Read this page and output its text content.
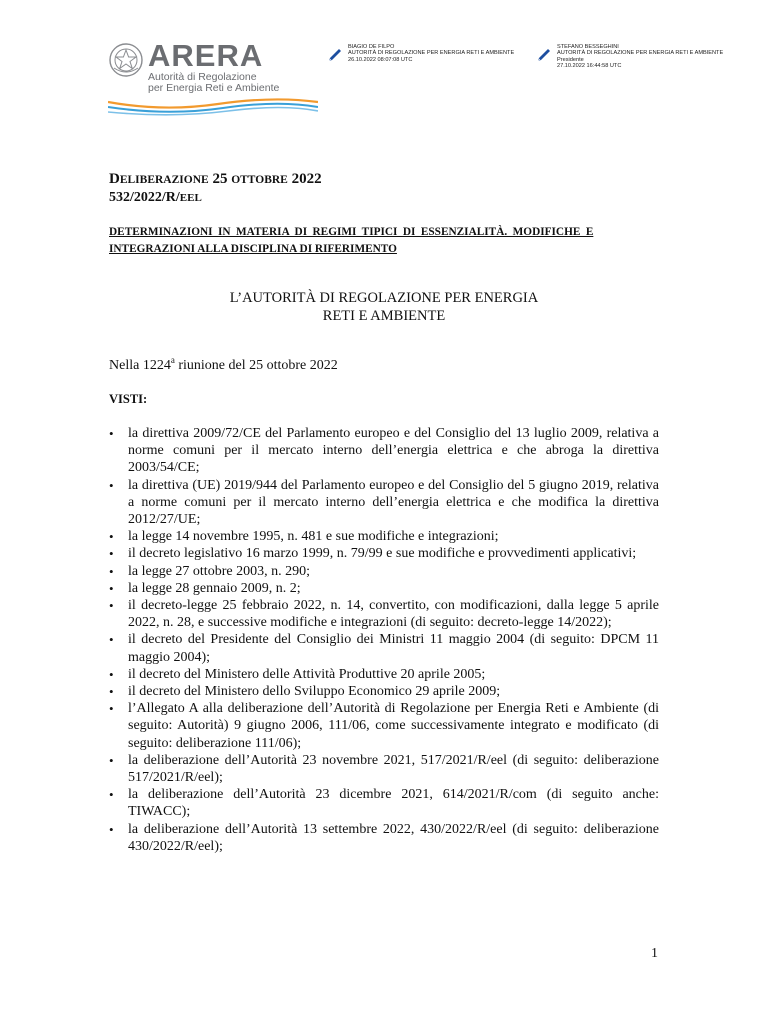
ARERA
Autorità di Regolazione
per Energia Reti e Ambiente
BIAGIO DE FILPO
AUTORITÀ DI REGOLAZIONE PER ENERGIA RETI E AMBIENTE
26.10.2022 08:07:08 UTC
STEFANO BESSEGHINI
AUTORITÀ DI REGOLAZIONE PER ENERGIA RETI E AMBIENTE
Presidente
27.10.2022 16:44:58 UTC
DELIBERAZIONE 25 OTTOBRE 2022
532/2022/R/EEL
DETERMINAZIONI IN MATERIA DI REGIMI TIPICI DI ESSENZIALITÀ. MODIFICHE E
INTEGRAZIONI ALLA DISCIPLINA DI RIFERIMENTO
L’AUTORITÀ DI REGOLAZIONE PER ENERGIA
RETI E AMBIENTE
Nella 1224$^a$ riunione del 25 ottobre 2022
VISTI:
• la direttiva 2009/72/CE del Parlamento europeo e del Consiglio del 13 luglio 2009, relativa a norme comuni per il mercato interno dell’energia elettrica e che abroga la direttiva 2003/54/CE;
• la direttiva (UE) 2019/944 del Parlamento europeo e del Consiglio del 5 giugno 2019, relativa a norme comuni per il mercato interno dell’energia elettrica e che modifica la direttiva 2012/27/UE;
• la legge 14 novembre 1995, n. 481 e sue modifiche e integrazioni;
• il decreto legislativo 16 marzo 1999, n. 79/99 e sue modifiche e provvedimenti applicativi;
• la legge 27 ottobre 2003, n. 290;
• la legge 28 gennaio 2009, n. 2;
• il decreto-legge 25 febbraio 2022, n. 14, convertito, con modificazioni, dalla legge 5 aprile 2022, n. 28, e successive modifiche e integrazioni (di seguito: decreto-legge 14/2022);
• il decreto del Presidente del Consiglio dei Ministri 11 maggio 2004 (di seguito: DPCM 11 maggio 2004);
• il decreto del Ministero delle Attività Produttive 20 aprile 2005;
• il decreto del Ministero dello Sviluppo Economico 29 aprile 2009;
• l’Allegato A alla deliberazione dell’Autorità di Regolazione per Energia Reti e Ambiente (di seguito: Autorità) 9 giugno 2006, 111/06, come successivamente integrato e modificato (di seguito: deliberazione 111/06);
• la deliberazione dell’Autorità 23 novembre 2021, 517/2021/R/eel (di seguito: deliberazione 517/2021/R/eel);
• la deliberazione dell’Autorità 23 dicembre 2021, 614/2021/R/com (di seguito anche: TIWACC);
• la deliberazione dell’Autorità 13 settembre 2022, 430/2022/R/eel (di seguito: deliberazione 430/2022/R/eel);
1
